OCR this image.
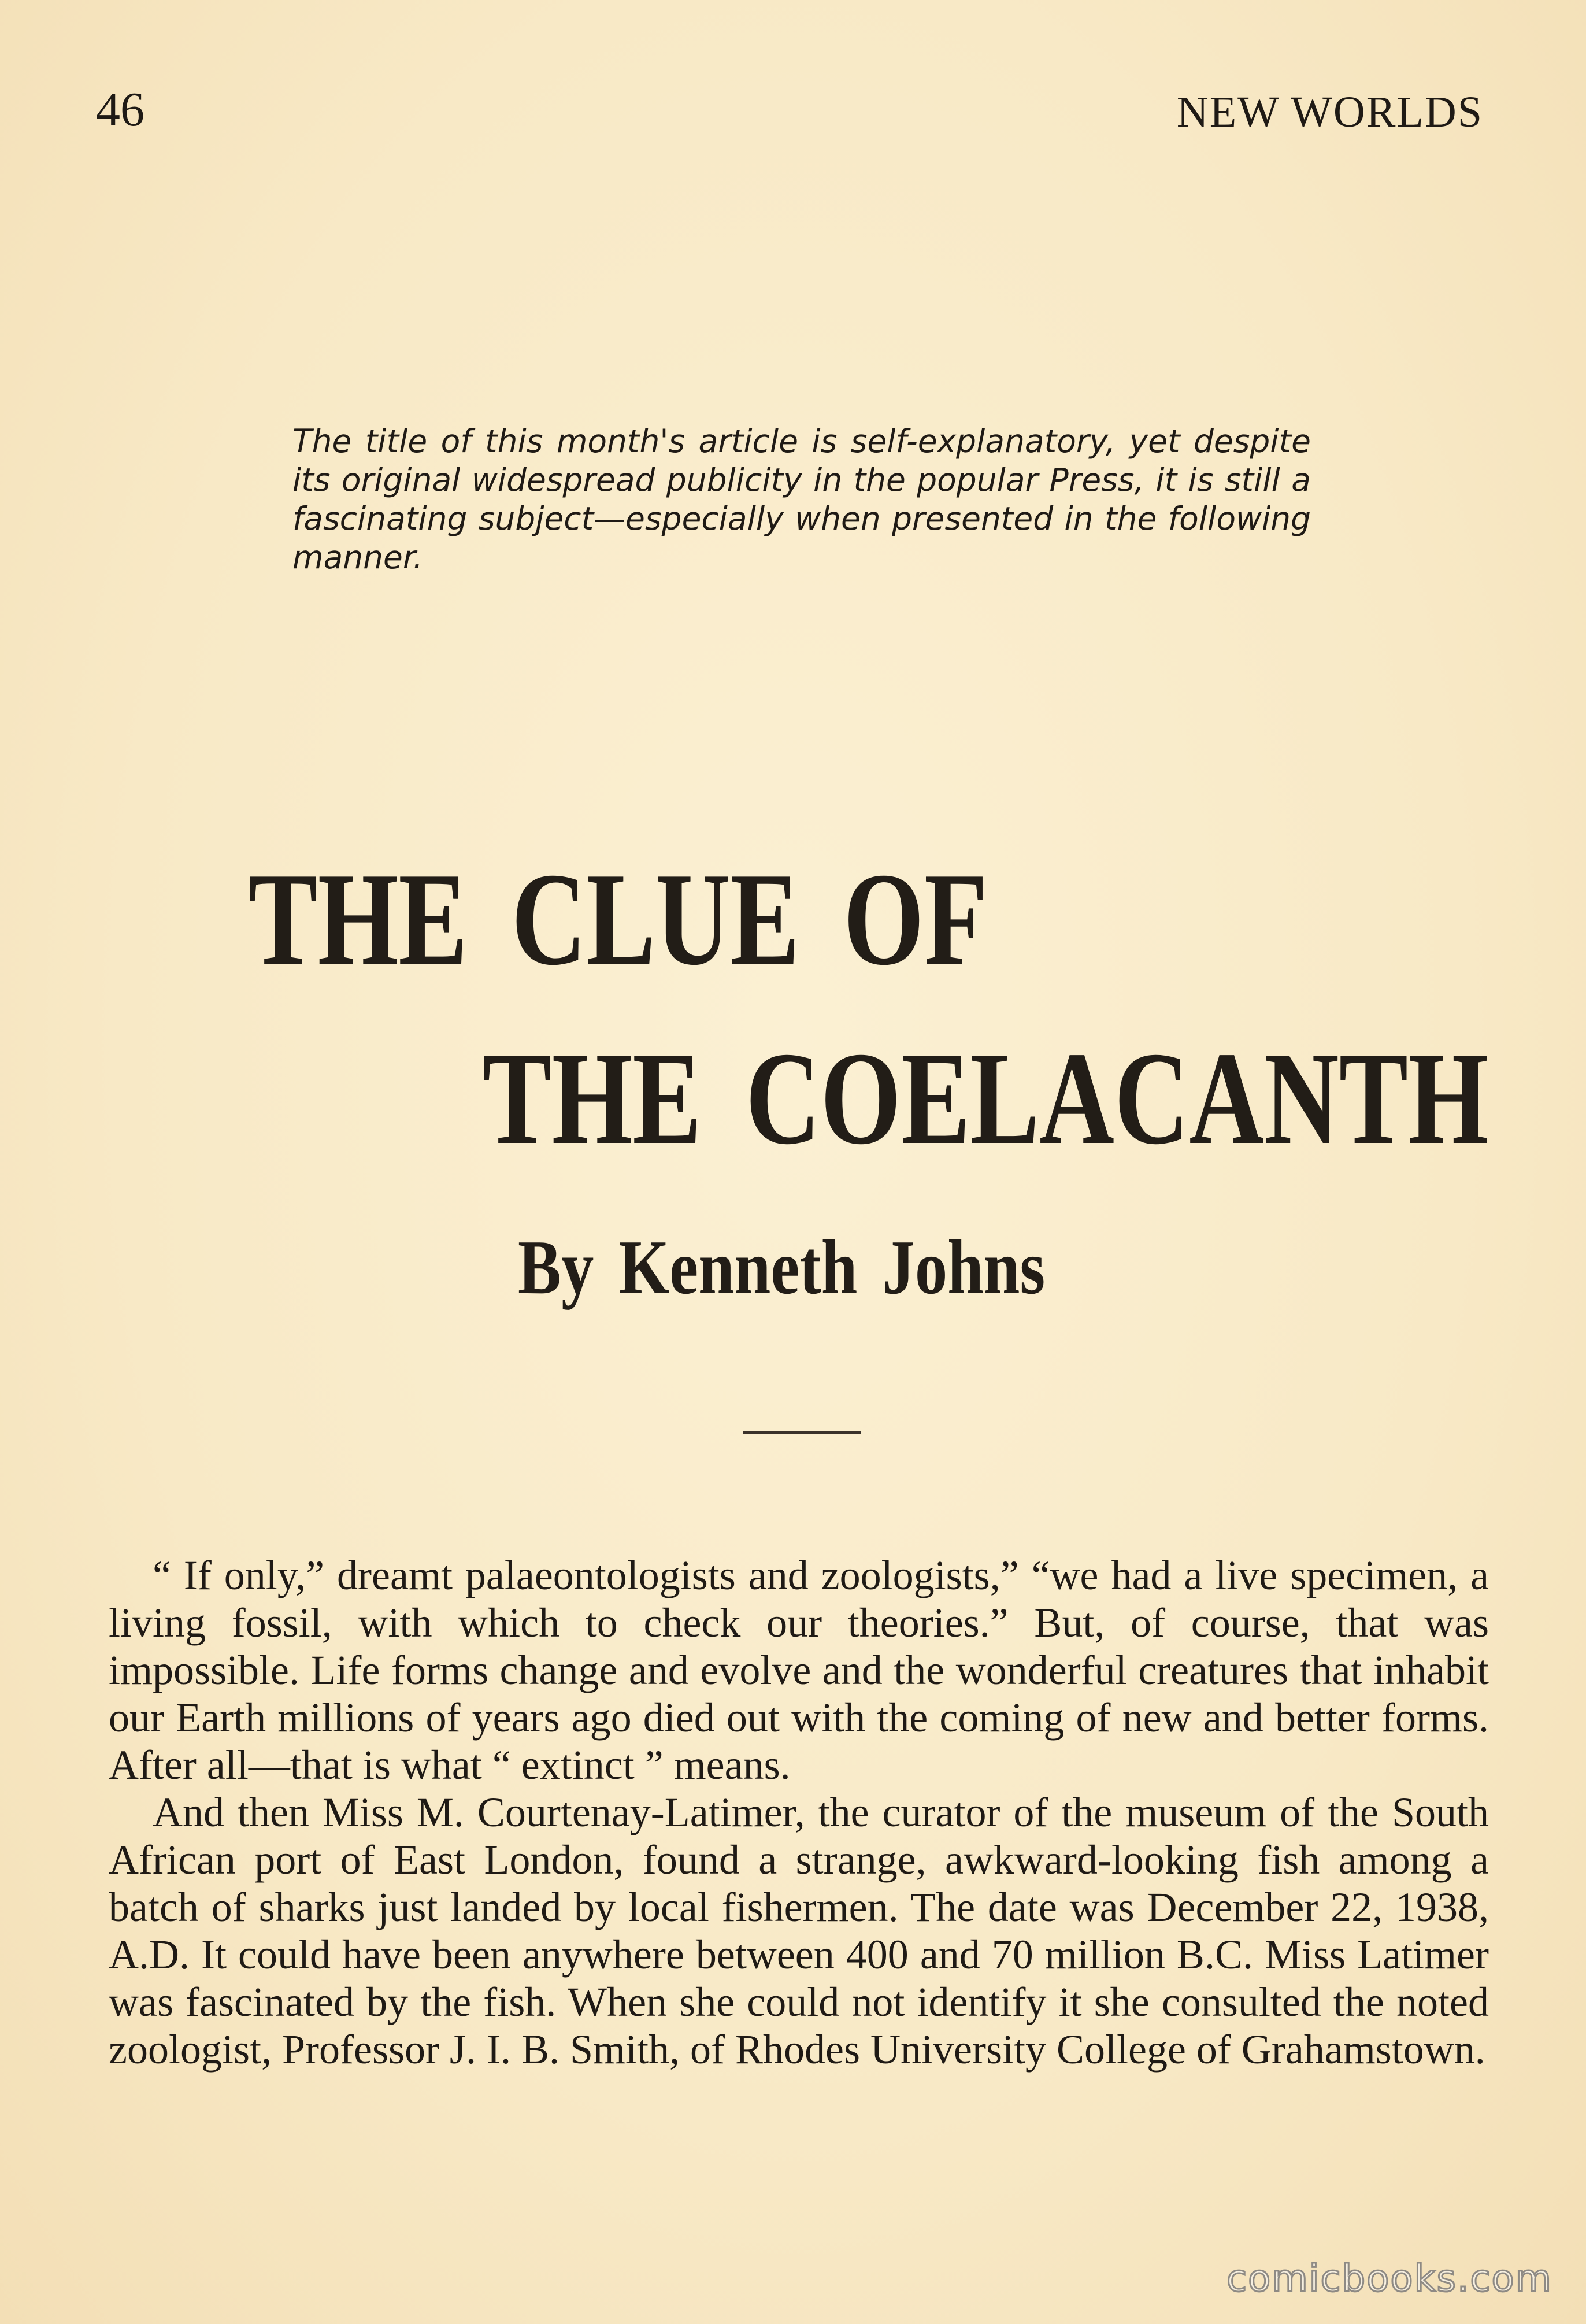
46	NEW WORLDS
The title of this month's article is self-explanatory, yet despite its original widespread publicity in the popular Press, it is still a fascinating subject—especially when presented in the following manner.
THE CLUE OF
THE COELACANTH
By Kenneth Johns

“ If only,” dreamt palaeontologists and zoologists,” “we had a live specimen, a living fossil, with which to check our theories.” But, of course, that was impossible. Life forms change and evolve and the wonderful creatures that inhabit our Earth millions of years ago died out with the coming of new and better forms. After all—that is what “ extinct ” means.

And then Miss M. Courtenay-Latimer, the curator of the museum of the South African port of East London, found a strange, awkward-looking fish among a batch of sharks just landed by local fishermen. The date was December 22, 1938, A.D. It could have been anywhere between 400 and 70 million B.C. Miss Latimer was fascinated by the fish. When she could not identify it she consulted the noted zoologist, Professor J. I. B. Smith, of Rhodes University College of Grahamstown.

comicbooks.com
